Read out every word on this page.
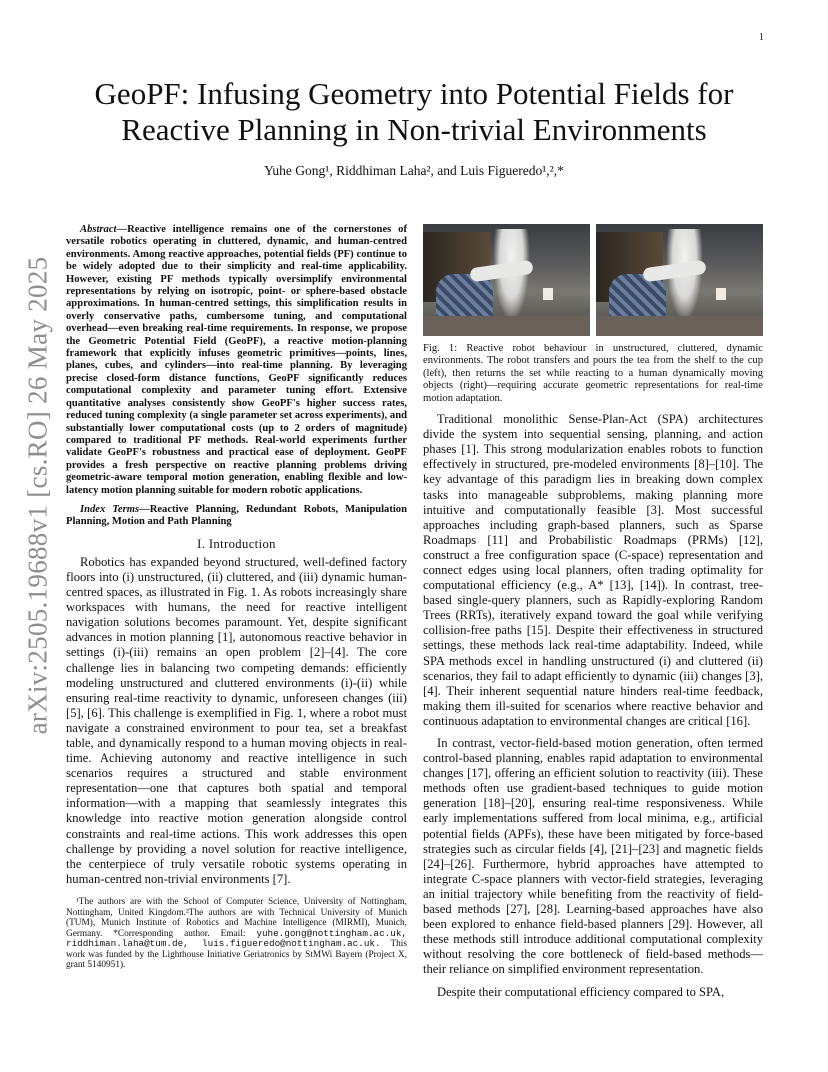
1
arXiv:2505.19688v1 [cs.RO] 26 May 2025
GeoPF: Infusing Geometry into Potential Fields for
Reactive Planning in Non-trivial Environments
Yuhe Gong¹, Riddhiman Laha², and Luis Figueredo¹,²,*
Abstract—Reactive intelligence remains one of the cornerstones of versatile robotics operating in cluttered, dynamic, and human-centred environments. Among reactive approaches, potential fields (PF) continue to be widely adopted due to their simplicity and real-time applicability. However, existing PF methods typically oversimplify environmental representations by relying on isotropic, point- or sphere-based obstacle approximations. In human-centred settings, this simplification results in overly conservative paths, cumbersome tuning, and computational overhead—even breaking real-time requirements. In response, we propose the Geometric Potential Field (GeoPF), a reactive motion-planning framework that explicitly infuses geometric primitives—points, lines, planes, cubes, and cylinders—into real-time planning. By leveraging precise closed-form distance functions, GeoPF significantly reduces computational complexity and parameter tuning effort. Extensive quantitative analyses consistently show GeoPF's higher success rates, reduced tuning complexity (a single parameter set across experiments), and substantially lower computational costs (up to 2 orders of magnitude) compared to traditional PF methods. Real-world experiments further validate GeoPF's robustness and practical ease of deployment. GeoPF provides a fresh perspective on reactive planning problems driving geometric-aware temporal motion generation, enabling flexible and low-latency motion planning suitable for modern robotic applications.
Index Terms—Reactive Planning, Redundant Robots, Manipulation Planning, Motion and Path Planning
I. Introduction

Robotics has expanded beyond structured, well-defined factory floors into (i) unstructured, (ii) cluttered, and (iii) dynamic human-centred spaces, as illustrated in Fig. 1. As robots increasingly share workspaces with humans, the need for reactive intelligent navigation solutions becomes paramount. Yet, despite significant advances in motion planning [1], autonomous reactive behavior in settings (i)-(iii) remains an open problem [2]–[4]. The core challenge lies in balancing two competing demands: efficiently modeling unstructured and cluttered environments (i)-(ii) while ensuring real-time reactivity to dynamic, unforeseen changes (iii) [5], [6]. This challenge is exemplified in Fig. 1, where a robot must navigate a constrained environment to pour tea, set a breakfast table, and dynamically respond to a human moving objects in real-time. Achieving autonomy and reactive intelligence in such scenarios requires a structured and stable environment representation—one that captures both spatial and temporal information—with a mapping that seamlessly integrates this knowledge into reactive motion generation alongside control constraints and real-time actions. This work addresses this open challenge by providing a novel solution for reactive intelligence, the centerpiece of truly versatile robotic systems operating in human-centred non-trivial environments [7].

¹The authors are with the School of Computer Science, University of Nottingham, Nottingham, United Kingdom.²The authors are with Technical University of Munich (TUM), Munich Institute of Robotics and Machine Intelligence (MIRMI), Munich, Germany. *Corresponding author. Email: yuhe.gong@nottingham.ac.uk, riddhiman.laha@tum.de, luis.figueredo@nottingham.ac.uk. This work was funded by the Lighthouse Initiative Geriatronics by StMWi Bayern (Project X, grant 5140951).

Fig. 1: Reactive robot behaviour in unstructured, cluttered, dynamic environments. The robot transfers and pours the tea from the shelf to the cup (left), then returns the set while reacting to a human dynamically moving objects (right)—requiring accurate geometric representations for real-time motion adaptation.

Traditional monolithic Sense-Plan-Act (SPA) architectures divide the system into sequential sensing, planning, and action phases [1]. This strong modularization enables robots to function effectively in structured, pre-modeled environments [8]–[10]. The key advantage of this paradigm lies in breaking down complex tasks into manageable subproblems, making planning more intuitive and computationally feasible [3]. Most successful approaches including graph-based planners, such as Sparse Roadmaps [11] and Probabilistic Roadmaps (PRMs) [12], construct a free configuration space (C-space) representation and connect edges using local planners, often trading optimality for computational efficiency (e.g., A* [13], [14]). In contrast, tree-based single-query planners, such as Rapidly-exploring Random Trees (RRTs), iteratively expand toward the goal while verifying collision-free paths [15]. Despite their effectiveness in structured settings, these methods lack real-time adaptability. Indeed, while SPA methods excel in handling unstructured (i) and cluttered (ii) scenarios, they fail to adapt efficiently to dynamic (iii) changes [3], [4]. Their inherent sequential nature hinders real-time feedback, making them ill-suited for scenarios where reactive behavior and continuous adaptation to environmental changes are critical [16].

In contrast, vector-field-based motion generation, often termed control-based planning, enables rapid adaptation to environmental changes [17], offering an efficient solution to reactivity (iii). These methods often use gradient-based techniques to guide motion generation [18]–[20], ensuring real-time responsiveness. While early implementations suffered from local minima, e.g., artificial potential fields (APFs), these have been mitigated by force-based strategies such as circular fields [4], [21]–[23] and magnetic fields [24]–[26]. Furthermore, hybrid approaches have attempted to integrate C-space planners with vector-field strategies, leveraging an initial trajectory while benefiting from the reactivity of field-based methods [27], [28]. Learning-based approaches have also been explored to enhance field-based planners [29]. However, all these methods still introduce additional computational complexity without resolving the core bottleneck of field-based methods—their reliance on simplified environment representation.

Despite their computational efficiency compared to SPA,
